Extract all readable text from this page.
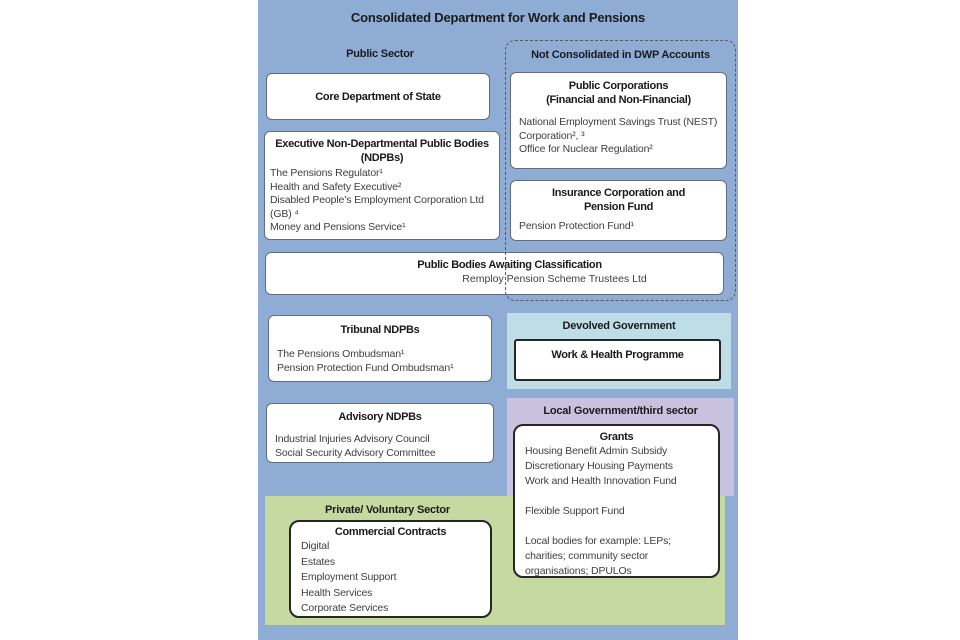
Consolidated Department for Work and Pensions
Public Sector
Core Department of State
Executive Non-Departmental Public Bodies
(NDPBs)
The Pensions Regulator¹
Health and Safety Executive²
Disabled People’s Employment Corporation Ltd (GB) ⁴
Money and Pensions Service¹
Public Bodies Awaiting Classification
Remploy Pension Scheme Trustees Ltd
Tribunal NDPBs
The Pensions Ombudsman¹
Pension Protection Fund Ombudsman¹
Advisory NDPBs
Industrial Injuries Advisory Council
Social Security Advisory Committee
Devolved Government
Work & Health Programme
Local Government/third sector
Private/ Voluntary Sector
Grants
Housing Benefit Admin Subsidy
Discretionary Housing Payments
Work and Health Innovation Fund
Flexible Support Fund
Local bodies for example: LEPs; charities; community sector organisations; DPULOs
Commercial Contracts
Digital
Estates
Employment Support
Health Services
Corporate Services
Not Consolidated in DWP Accounts
Public Corporations
(Financial and Non-Financial)
National Employment Savings Trust (NEST) Corporation², ³
Office for Nuclear Regulation²
Insurance Corporation and
Pension Fund
Pension Protection Fund¹
